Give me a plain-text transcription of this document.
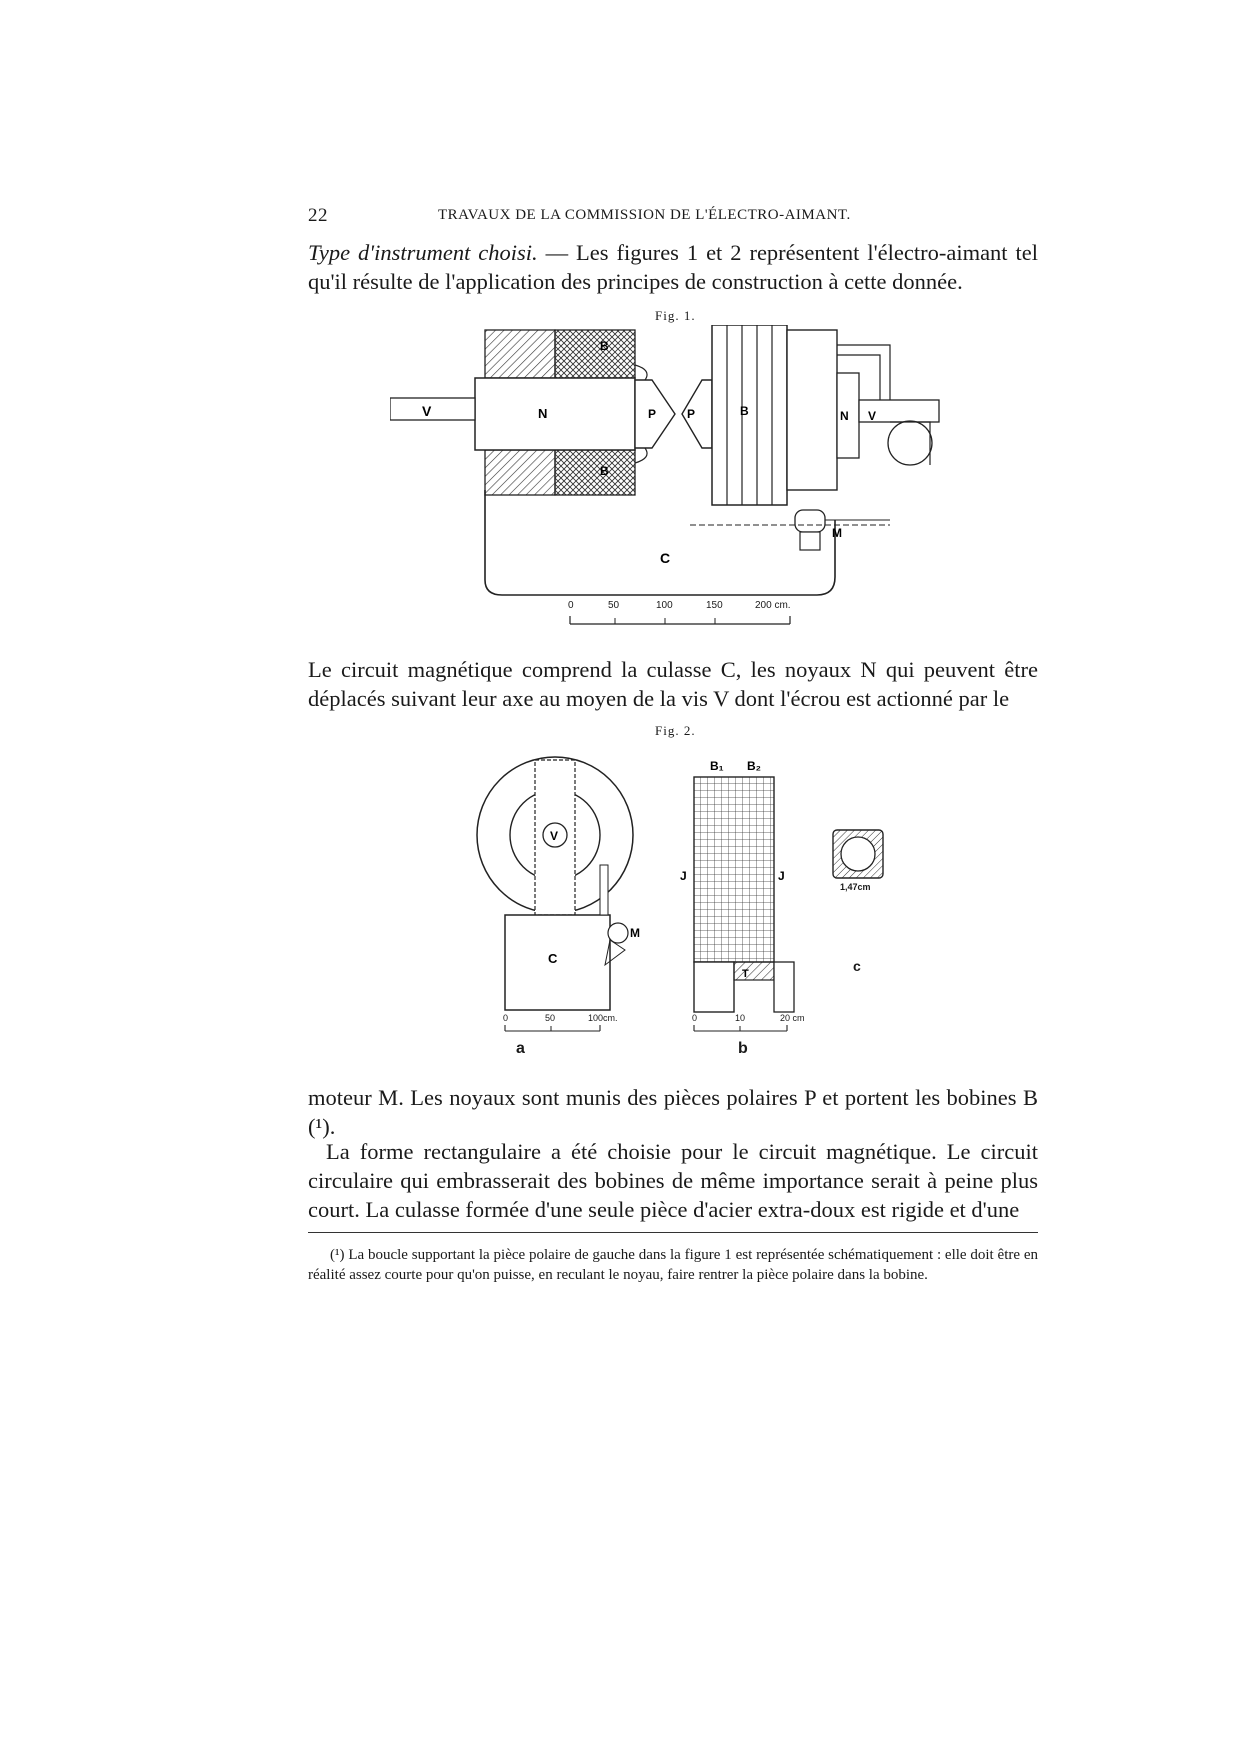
22	TRAVAUX DE LA COMMISSION DE L'ÉLECTRO-AIMANT.
Type d'instrument choisi. — Les figures 1 et 2 représentent l'électro-aimant tel qu'il résulte de l'application des principes de construction à cette donnée.
Fig. 1.
V	N	P	P
B
B
B	N V
C
M
0	50	100	150	200 cm.
Le circuit magnétique comprend la culasse C, les noyaux N qui peuvent être déplacés suivant leur axe au moyen de la vis V dont l'écrou est actionné par le
Fig. 2.
V
M
C
0	50	100cm.
a
B₁ B₂
J	J
T
0	10	20 cm
b
1,47cm
c
moteur M. Les noyaux sont munis des pièces polaires P et portent les bobines B (¹).
La forme rectangulaire a été choisie pour le circuit magnétique. Le circuit circulaire qui embrasserait des bobines de même importance serait à peine plus court. La culasse formée d'une seule pièce d'acier extra-doux est rigide et d'une
(¹) La boucle supportant la pièce polaire de gauche dans la figure 1 est représentée schématiquement : elle doit être en réalité assez courte pour qu'on puisse, en reculant le noyau, faire rentrer la pièce polaire dans la bobine.
